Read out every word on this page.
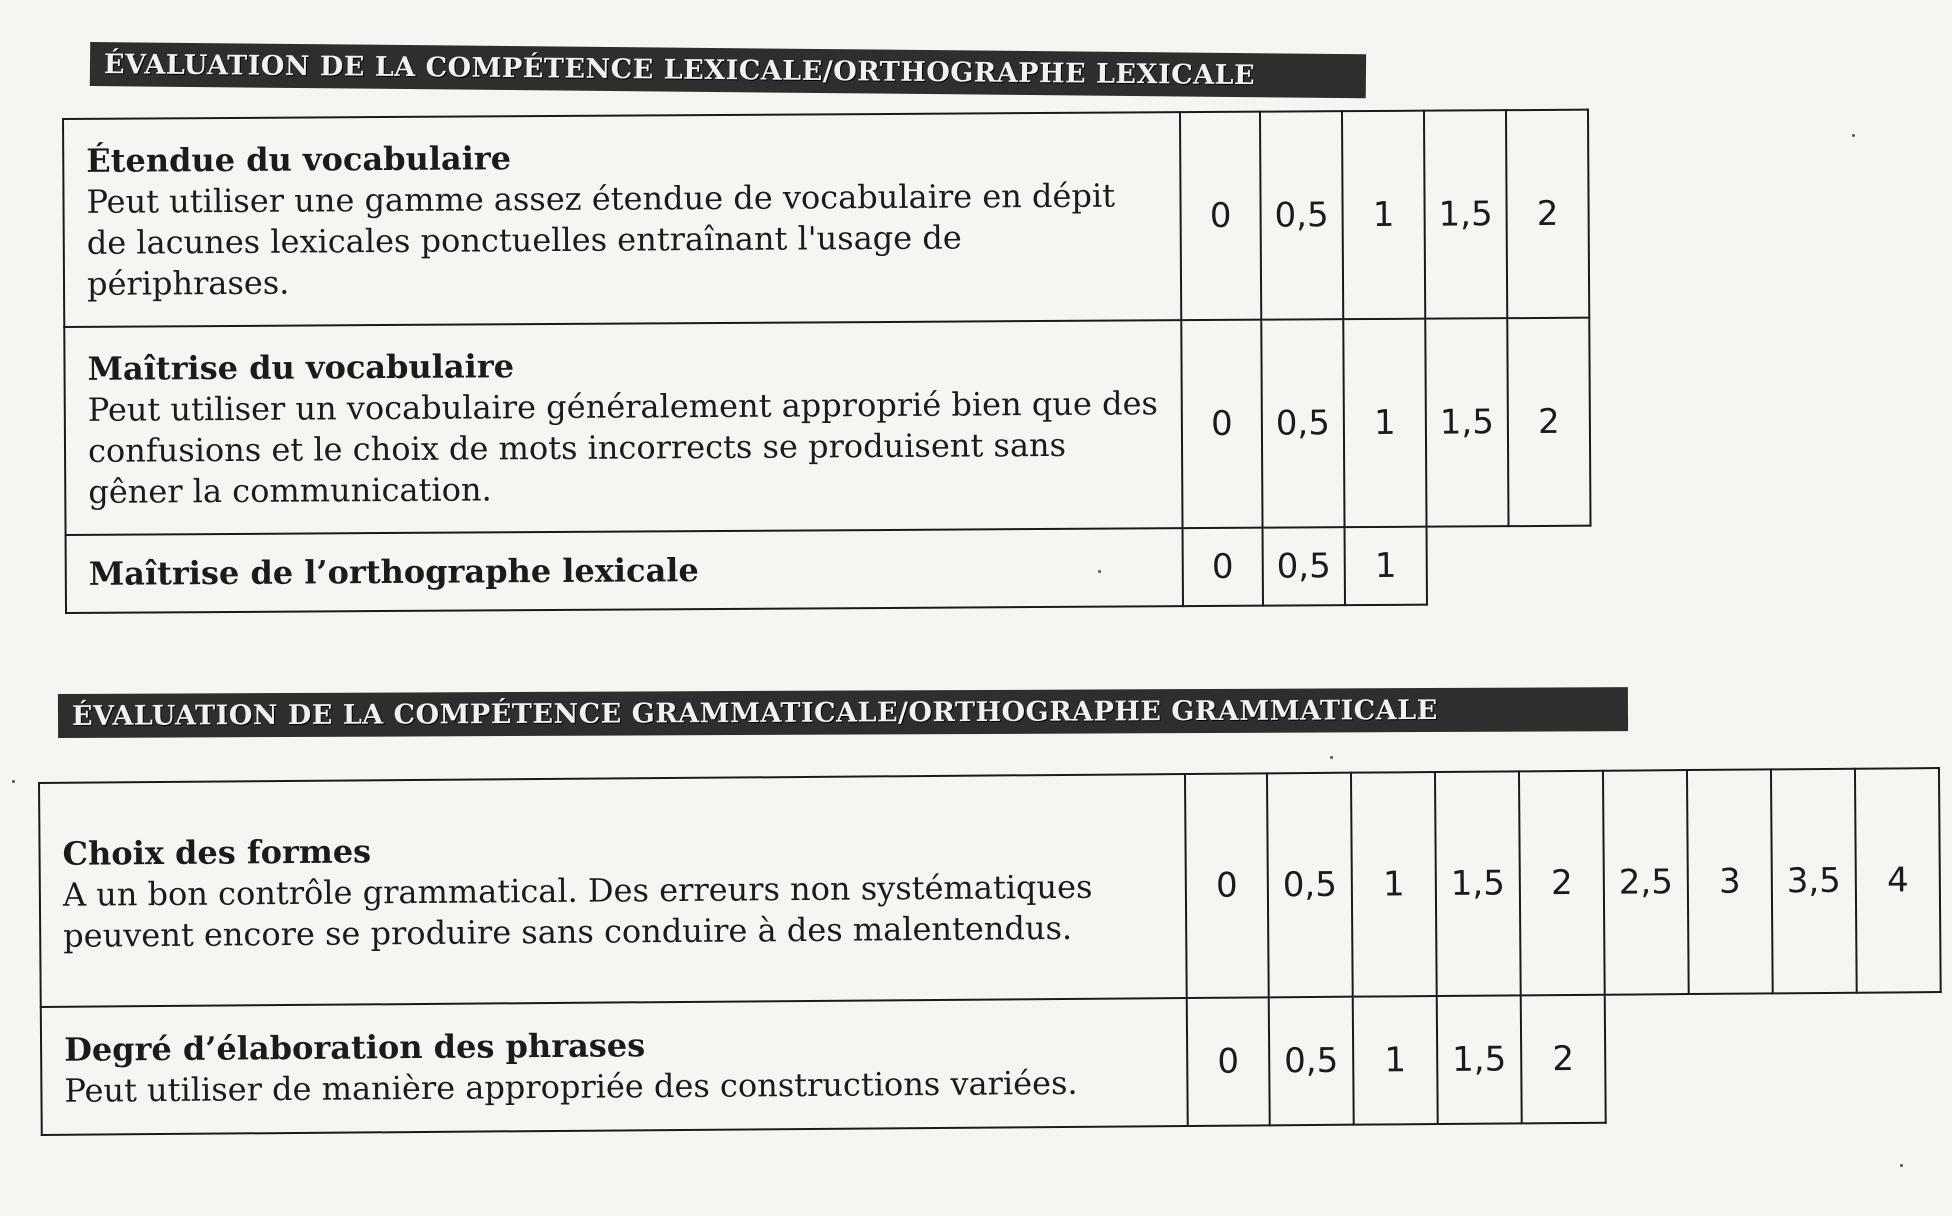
ÉVALUATION DE LA COMPÉTENCE LEXICALE/ORTHOGRAPHE LEXICALE
Étendue du vocabulaire
Peut utiliser une gamme assez étendue de vocabulaire en dépit de lacunes lexicales ponctuelles entraînant l'usage de périphrases.	0	0,5	1	1,5	2

Maîtrise du vocabulaire
Peut utiliser un vocabulaire généralement approprié bien que des confusions et le choix de mots incorrects se produisent sans gêner la communication.	0	0,5	1	1,5	2

Maîtrise de l’orthographe lexicale	0	0,5	1		
ÉVALUATION DE LA COMPÉTENCE GRAMMATICALE/ORTHOGRAPHE GRAMMATICALE
Choix des formes
A un bon contrôle grammatical. Des erreurs non systématiques peuvent encore se produire sans conduire à des malentendus.	0	0,5	1	1,5	2	2,5	3	3,5	4

Degré d’élaboration des phrases
Peut utiliser de manière appropriée des constructions variées.	0	0,5	1	1,5	2				
